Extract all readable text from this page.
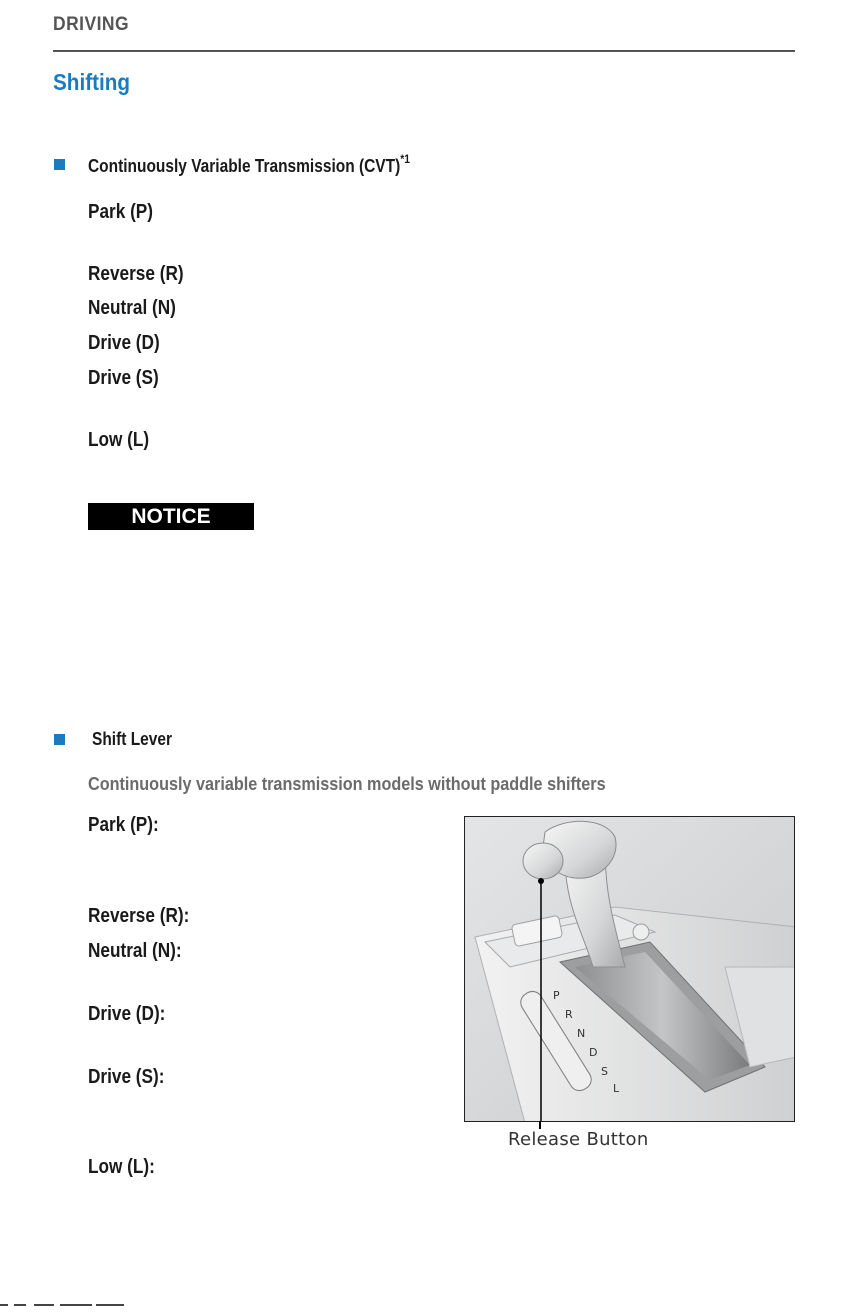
DRIVING
Shifting
Continuously Variable Transmission (CVT)$^{*1}$
Park (P)
Reverse (R)
Neutral (N)
Drive (D)
Drive (S)
Low (L)
NOTICE
Shift Lever
Continuously variable transmission models without paddle shifters
Park (P):
Reverse (R):
Neutral (N):
Drive (D):
Drive (S):
Low (L):
P
R
N
D
S
L
Release Button
